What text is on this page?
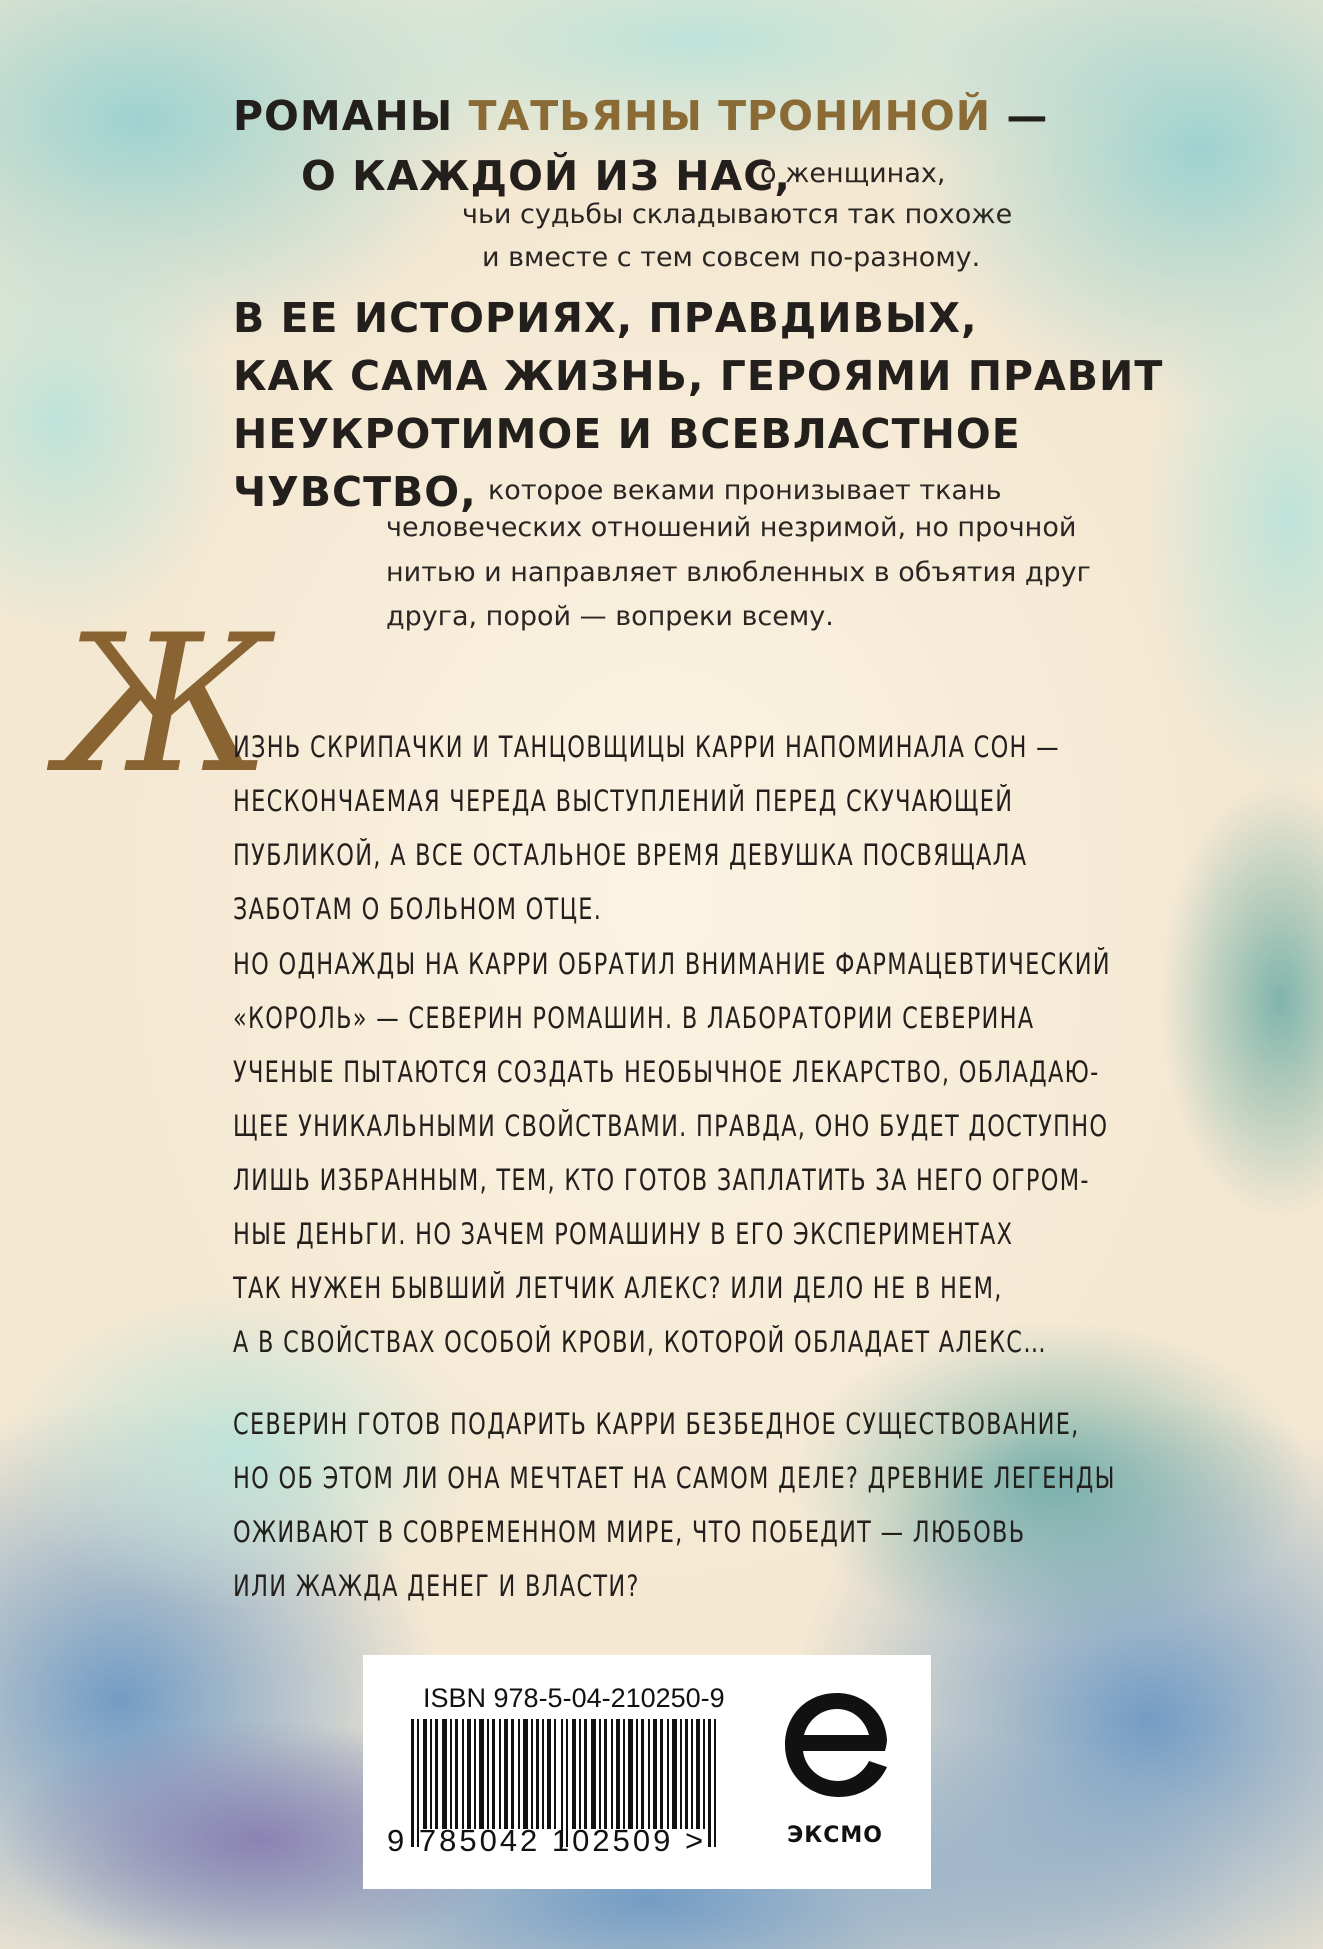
РОМАНЫ ТАТЬЯНЫ ТРОНИНОЙ —
О КАЖДОЙ ИЗ НАС,
о женщинах,
чьи судьбы складываются так похоже
и вместе с тем совсем по-разному.
В ЕЕ ИСТОРИЯХ, ПРАВДИВЫХ,
КАК САМА ЖИЗНЬ, ГЕРОЯМИ ПРАВИТ
НЕУКРОТИМОЕ И ВСЕВЛАСТНОЕ
ЧУВСТВО, которое веками пронизывает ткань
человеческих отношений незримой, но прочной
нитью и направляет влюбленных в объятия друг
друга, порой — вопреки всему.
Ж
ИЗНЬ СКРИПАЧКИ И ТАНЦОВЩИЦЫ КАРРИ НАПОМИНАЛА СОН —
НЕСКОНЧАЕМАЯ ЧЕРЕДА ВЫСТУПЛЕНИЙ ПЕРЕД СКУЧАЮЩЕЙ
ПУБЛИКОЙ, А ВСЕ ОСТАЛЬНОЕ ВРЕМЯ ДЕВУШКА ПОСВЯЩАЛА
ЗАБОТАМ О БОЛЬНОМ ОТЦЕ.
НО ОДНАЖДЫ НА КАРРИ ОБРАТИЛ ВНИМАНИЕ ФАРМАЦЕВТИЧЕСКИЙ
«КОРОЛЬ» — СЕВЕРИН РОМАШИН. В ЛАБОРАТОРИИ СЕВЕРИНА
УЧЕНЫЕ ПЫТАЮТСЯ СОЗДАТЬ НЕОБЫЧНОЕ ЛЕКАРСТВО, ОБЛАДАЮ-
ЩЕЕ УНИКАЛЬНЫМИ СВОЙСТВАМИ. ПРАВДА, ОНО БУДЕТ ДОСТУПНО
ЛИШЬ ИЗБРАННЫМ, ТЕМ, КТО ГОТОВ ЗАПЛАТИТЬ ЗА НЕГО ОГРОМ-
НЫЕ ДЕНЬГИ. НО ЗАЧЕМ РОМАШИНУ В ЕГО ЭКСПЕРИМЕНТАХ
ТАК НУЖЕН БЫВШИЙ ЛЕТЧИК АЛЕКС? ИЛИ ДЕЛО НЕ В НЕМ,
А В СВОЙСТВАХ ОСОБОЙ КРОВИ, КОТОРОЙ ОБЛАДАЕТ АЛЕКС…
СЕВЕРИН ГОТОВ ПОДАРИТЬ КАРРИ БЕЗБЕДНОЕ СУЩЕСТВОВАНИЕ,
НО ОБ ЭТОМ ЛИ ОНА МЕЧТАЕТ НА САМОМ ДЕЛЕ? ДРЕВНИЕ ЛЕГЕНДЫ
ОЖИВАЮТ В СОВРЕМЕННОМ МИРЕ, ЧТО ПОБЕДИТ — ЛЮБОВЬ
ИЛИ ЖАЖДА ДЕНЕГ И ВЛАСТИ?
ISBN 978-5-04-210250-9
9 785042 102509 >	ЭКСМО
